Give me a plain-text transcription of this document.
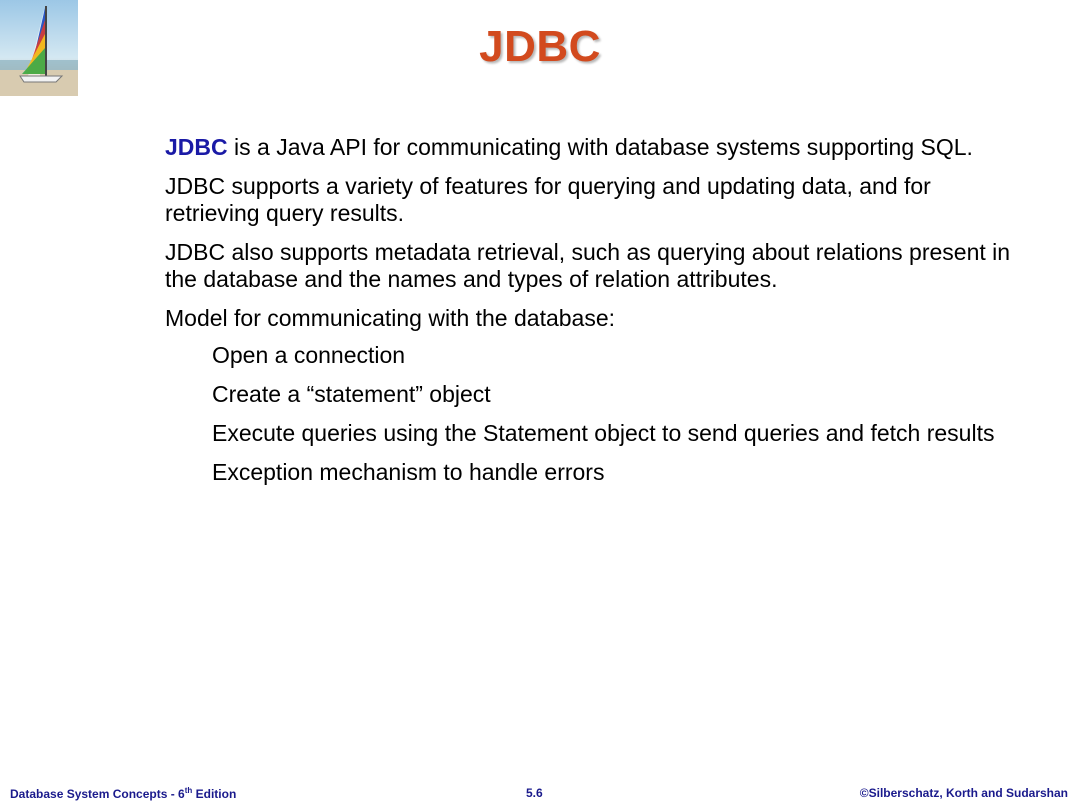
JDBC

JDBC is a Java API for communicating with database systems supporting SQL.

JDBC supports a variety of features for querying and updating data, and for retrieving query results.

JDBC also supports metadata retrieval, such as querying about relations present in the database and the names and types of relation attributes.

Model for communicating with the database:

Open a connection

Create a “statement” object

Execute queries using the Statement object to send queries and fetch results

Exception mechanism to handle errors

Database System Concepts - 6th Edition	5.6	©Silberschatz, Korth and Sudarshan
